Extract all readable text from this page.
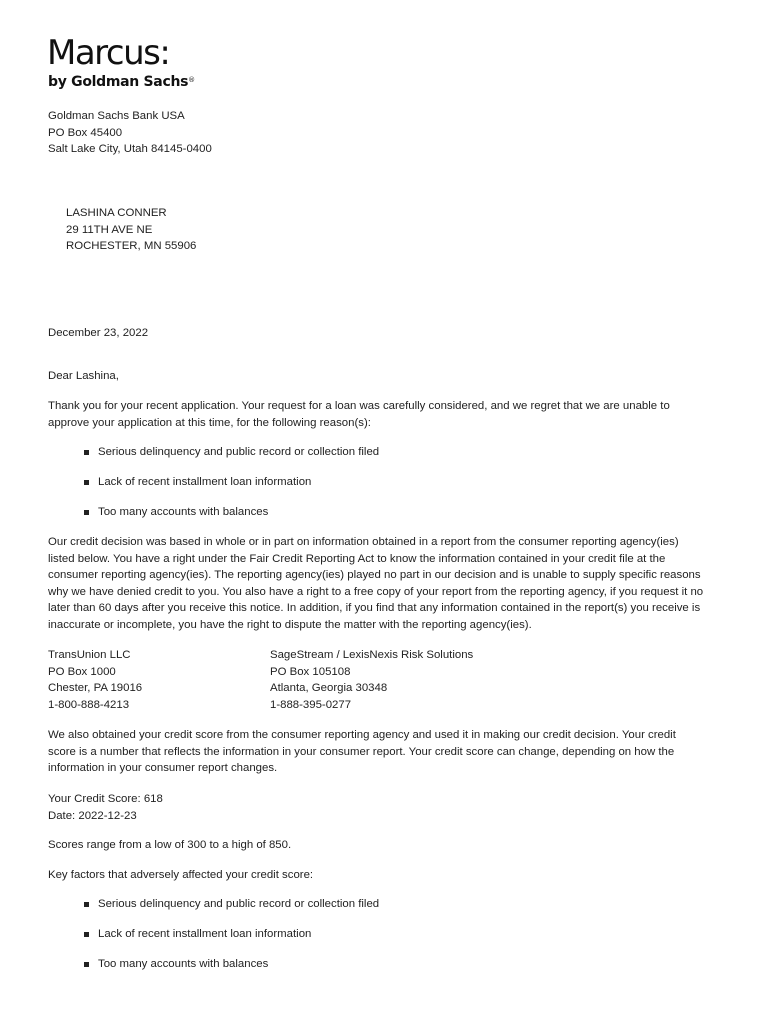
Marcus:
by Goldman Sachs®
Goldman Sachs Bank USA
PO Box 45400
Salt Lake City, Utah 84145-0400
LASHINA CONNER
29 11TH AVE NE
ROCHESTER, MN 55906
December 23, 2022
Dear Lashina,
Thank you for your recent application. Your request for a loan was carefully considered, and we regret that we are unable to
approve your application at this time, for the following reason(s):
Serious delinquency and public record or collection filed
Lack of recent installment loan information
Too many accounts with balances
Our credit decision was based in whole or in part on information obtained in a report from the consumer reporting agency(ies)
listed below. You have a right under the Fair Credit Reporting Act to know the information contained in your credit file at the
consumer reporting agency(ies). The reporting agency(ies) played no part in our decision and is unable to supply specific reasons
why we have denied credit to you. You also have a right to a free copy of your report from the reporting agency, if you request it no
later than 60 days after you receive this notice. In addition, if you find that any information contained in the report(s) you receive is
inaccurate or incomplete, you have the right to dispute the matter with the reporting agency(ies).
TransUnion LLC
PO Box 1000
Chester, PA 19016
1-800-888-4213
SageStream / LexisNexis Risk Solutions
PO Box 105108
Atlanta, Georgia 30348
1-888-395-0277
We also obtained your credit score from the consumer reporting agency and used it in making our credit decision. Your credit
score is a number that reflects the information in your consumer report. Your credit score can change, depending on how the
information in your consumer report changes.
Your Credit Score: 618
Date: 2022-12-23
Scores range from a low of 300 to a high of 850.
Key factors that adversely affected your credit score:
Serious delinquency and public record or collection filed
Lack of recent installment loan information
Too many accounts with balances
